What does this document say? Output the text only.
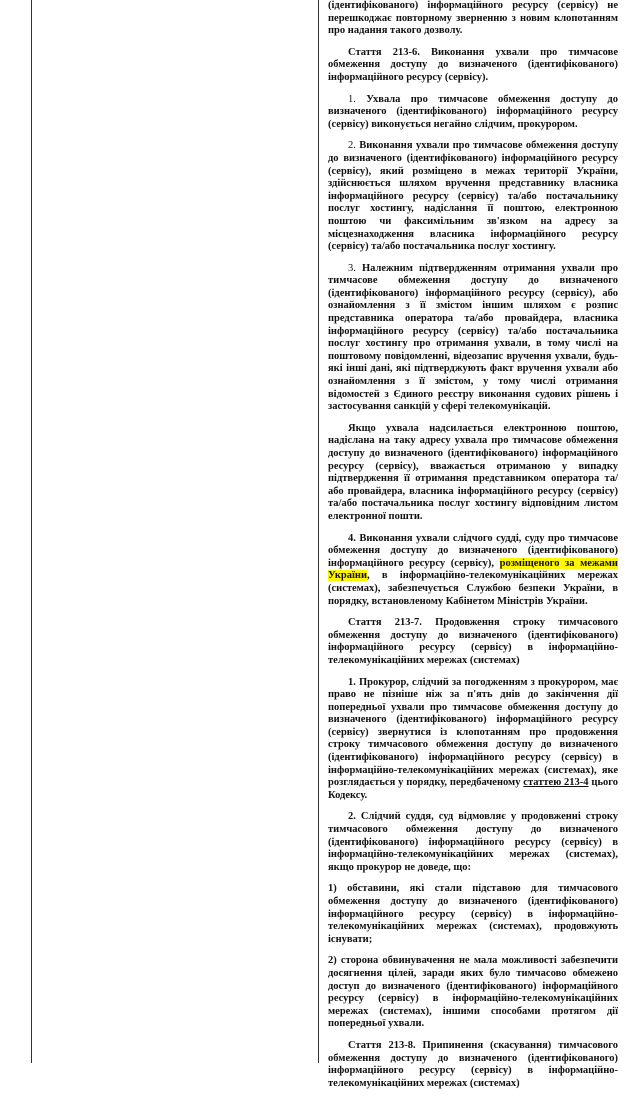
(ідентифікованого) інформаційного ресурсу (сервісу) не перешкоджає повторному зверненню з новим клопотанням про надання такого дозволу.

Стаття 213-6. Виконання ухвали про тимчасове обмеження доступу до визначеного (ідентифікованого) інформаційного ресурсу (сервісу).

1. Ухвала про тимчасове обмеження доступу до визначеного (ідентифікованого) інформаційного ресурсу (сервісу) виконується негайно слідчим, прокурором.

2. Виконання ухвали про тимчасове обмеження доступу до визначеного (ідентифікованого) інформаційного ресурсу (сервісу), який розміщено в межах території України, здійснюється шляхом вручення представнику власника інформаційного ресурсу (сервісу) та/або постачальнику послуг хостингу, надіслання її поштою, електронною поштою чи факсимільним зв'язком на адресу за місцезнаходження власника інформаційного ресурсу (сервісу) та/або постачальника послуг хостингу.

3. Належним підтвердженням отримання ухвали про тимчасове обмеження доступу до визначеного (ідентифікованого) інформаційного ресурсу (сервісу), або ознайомлення з її змістом іншим шляхом є розпис представника оператора та/або провайдера, власника інформаційного ресурсу (сервісу) та/або постачальника послуг хостингу про отримання ухвали, в тому числі на поштовому повідомленні, відеозапис вручення ухвали, будь-які інші дані, які підтверджують факт вручення ухвали або ознайомлення з її змістом, у тому числі отримання відомостей з Єдиного реєстру виконання судових рішень і застосування санкцій у сфері телекомунікацій.

Якщо ухвала надсилається електронною поштою, надіслана на таку адресу ухвала про тимчасове обмеження доступу до визначеного (ідентифікованого) інформаційного ресурсу (сервісу), вважається отриманою у випадку підтвердження її отримання представником оператора та/або провайдера, власника інформаційного ресурсу (сервісу) та/або постачальника послуг хостингу відповідним листом електронної пошти.

4. Виконання ухвали слідчого судді, суду про тимчасове обмеження доступу до визначеного (ідентифікованого) інформаційного ресурсу (сервісу), розміщеного за межами України, в інформаційно-телекомунікаційних мережах (системах), забезпечується Службою безпеки України, в порядку, встановленому Кабінетом Міністрів України.

Стаття 213-7. Продовження строку тимчасового обмеження доступу до визначеного (ідентифікованого) інформаційного ресурсу (сервісу) в інформаційно-телекомунікаційних мережах (системах)

1. Прокурор, слідчий за погодженням з прокурором, має право не пізніше ніж за п'ять днів до закінчення дії попередньої ухвали про тимчасове обмеження доступу до визначеного (ідентифікованого) інформаційного ресурсу (сервісу) звернутися із клопотанням про продовження строку тимчасового обмеження доступу до визначеного (ідентифікованого) інформаційного ресурсу (сервісу) в інформаційно-телекомунікаційних мережах (системах), яке розглядається у порядку, передбаченому статтею 213-4 цього Кодексу.

2. Слідчий суддя, суд відмовляє у продовженні строку тимчасового обмеження доступу до визначеного (ідентифікованого) інформаційного ресурсу (сервісу) в інформаційно-телекомунікаційних мережах (системах), якщо прокурор не доведе, що:

1) обставини, які стали підставою для тимчасового обмеження доступу до визначеного (ідентифікованого) інформаційного ресурсу (сервісу) в інформаційно-телекомунікаційних мережах (системах), продовжують існувати;

2) сторона обвинувачення не мала можливості забезпечити досягнення цілей, заради яких було тимчасово обмежено доступ до визначеного (ідентифікованого) інформаційного ресурсу (сервісу) в інформаційно-телекомунікаційних мережах (системах), іншими способами протягом дії попередньої ухвали.

Стаття 213-8. Припинення (скасування) тимчасового обмеження доступу до визначеного (ідентифікованого) інформаційного ресурсу (сервісу) в інформаційно-телекомунікаційних мережах (системах)
